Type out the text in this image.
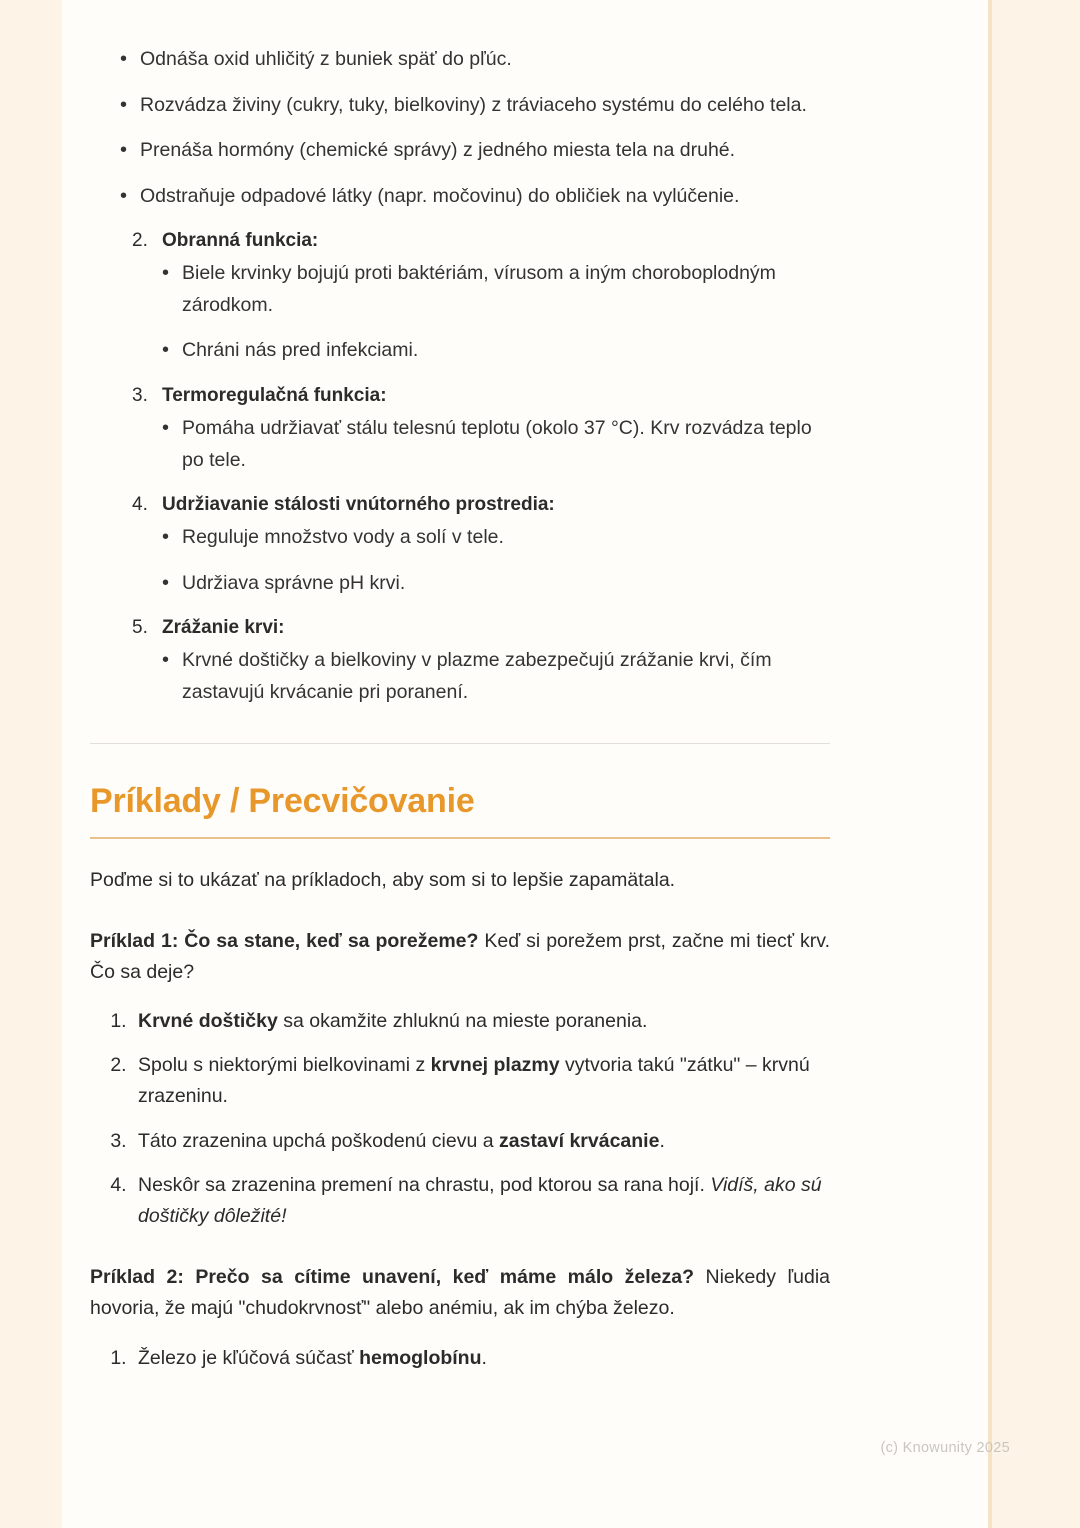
• Odnáša oxid uhličitý z buniek späť do pľúc.
• Rozvádza živiny (cukry, tuky, bielkoviny) z tráviaceho systému do celého tela.
• Prenáša hormóny (chemické správy) z jedného miesta tela na druhé.
• Odstraňuje odpadové látky (napr. močovinu) do obličiek na vylúčenie.
2. Obranná funkcia:
• Biele krvinky bojujú proti baktériám, vírusom a iným choroboplodným zárodkom.
• Chráni nás pred infekciami.
3. Termoregulačná funkcia:
• Pomáha udržiavať stálu telesnú teplotu (okolo 37 °C). Krv rozvádza teplo po tele.
4. Udržiavanie stálosti vnútorného prostredia:
• Reguluje množstvo vody a solí v tele.
• Udržiava správne pH krvi.
5. Zrážanie krvi:
• Krvné doštičky a bielkoviny v plazme zabezpečujú zrážanie krvi, čím zastavujú krvácanie pri poranení.
Príklady / Precvičovanie

Poďme si to ukázať na príkladoch, aby som si to lepšie zapamätala.

Príklad 1: Čo sa stane, keď sa porežeme? Keď si porežem prst, začne mi tiecť krv. Čo sa deje?

1. Krvné doštičky sa okamžite zhluknú na mieste poranenia.
2. Spolu s niektorými bielkovinami z krvnej plazmy vytvoria takú "zátku" – krvnú zrazeninu.
3. Táto zrazenina upchá poškodenú cievu a zastaví krvácanie.
4. Neskôr sa zrazenina premení na chrastu, pod ktorou sa rana hojí. Vidíš, ako sú doštičky dôležité!

Príklad 2: Prečo sa cítime unavení, keď máme málo železa? Niekedy ľudia hovoria, že majú "chudokrvnosť" alebo anémiu, ak im chýba železo.

1. Železo je kľúčová súčasť hemoglobínu.
(c) Knowunity 2025
